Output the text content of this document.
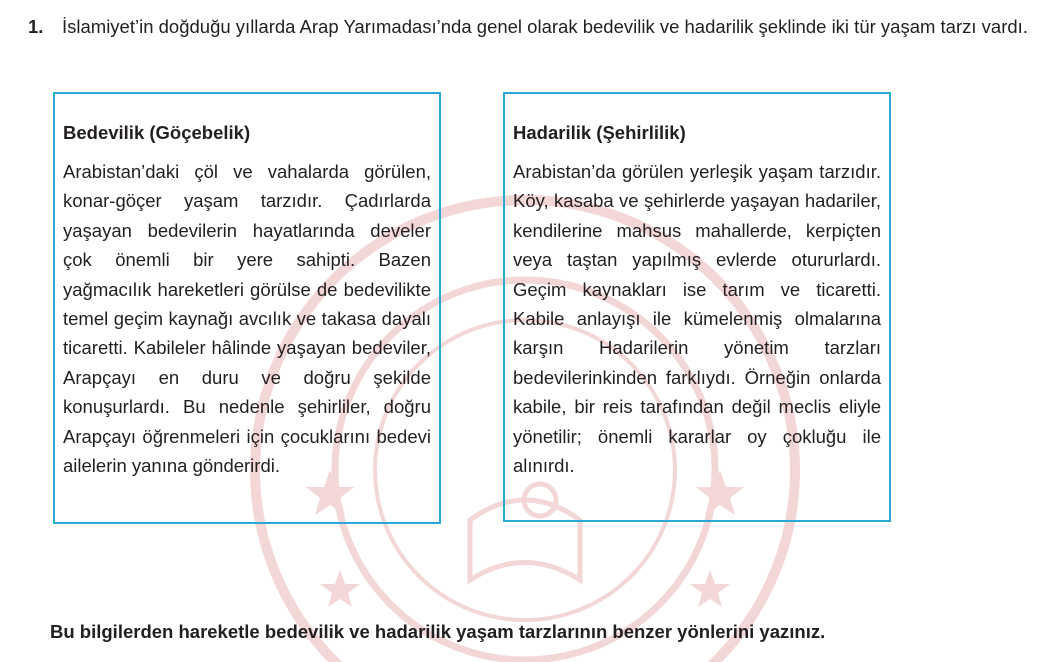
1. İslamiyet’in doğduğu yıllarda Arap Yarımadası’nda genel olarak bedevilik ve hadarilik şeklinde iki tür yaşam tarzı vardı.
Bedevilik (Göçebelik)
Arabistan’daki çöl ve vahalarda görülen, konar-göçer yaşam tarzıdır. Çadırlarda yaşayan bedevilerin hayatlarında develer çok önemli bir yere sahipti. Bazen yağmacılık hareketleri görülse de bedevilikte temel geçim kaynağı avcılık ve takasa dayalı ticaretti. Kabileler hâlinde yaşayan bedeviler, Arapçayı en duru ve doğru şekilde konuşurlardı. Bu nedenle şehirliler, doğru Arapçayı öğrenmeleri için çocuklarını bedevi ailelerin yanına gönderirdi.
Hadarilik (Şehirlilik)
Arabistan’da görülen yerleşik yaşam tarzıdır. Köy, kasaba ve şehirlerde yaşayan hadariler, kendilerine mahsus mahallerde, kerpiçten veya taştan yapılmış evlerde otururlardı. Geçim kaynakları ise tarım ve ticaretti. Kabile anlayışı ile kümelenmiş olmalarına karşın Hadarilerin yönetim tarzları bedevilerinkinden farklıydı. Örneğin onlarda kabile, bir reis tarafından değil meclis eliyle yönetilir; önemli kararlar oy çokluğu ile alınırdı.
Bu bilgilerden hareketle bedevilik ve hadarilik yaşam tarzlarının benzer yönlerini yazınız.
